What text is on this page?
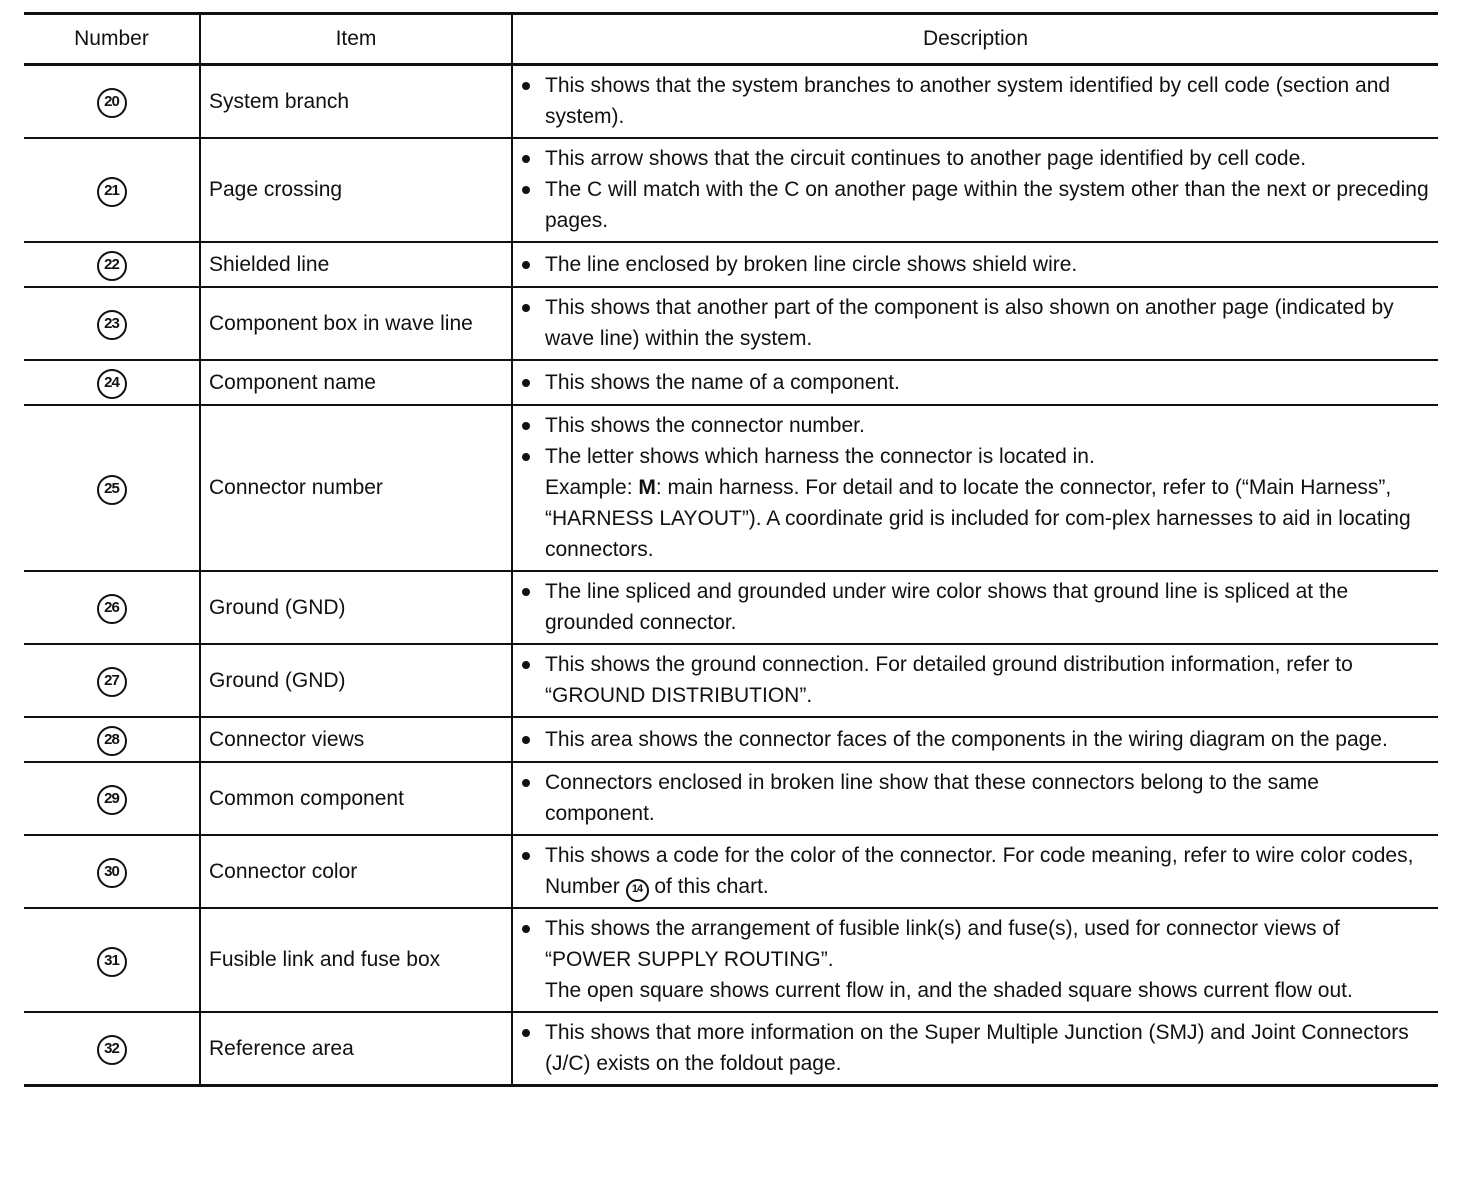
Number	Item	Description
20	System branch	This shows that the system branches to another system identified by cell code (section and system).

21	Page crossing	This arrow shows that the circuit continues to another page identified by cell code.
The C will match with the C on another page within the system other than the next or preceding pages.

22	Shielded line	The line enclosed by broken line circle shows shield wire.

23	Component box in wave line	This shows that another part of the component is also shown on another page (indicated by wave line) within the system.

24	Component name	This shows the name of a component.

25	Connector number	This shows the connector number.
The letter shows which harness the connector is located in.
Example: M: main harness. For detail and to locate the connector, refer to (“Main Harness”, “HARNESS LAYOUT”). A coordinate grid is included for com-plex harnesses to aid in locating connectors.

26	Ground (GND)	The line spliced and grounded under wire color shows that ground line is spliced at the grounded connector.

27	Ground (GND)	This shows the ground connection. For detailed ground distribution information, refer to “GROUND DISTRIBUTION”.

28	Connector views	This area shows the connector faces of the components in the wiring diagram on the page.

29	Common component	Connectors enclosed in broken line show that these connectors belong to the same component.

30	Connector color	This shows a code for the color of the connector. For code meaning, refer to wire color codes, Number 14 of this chart.

31	Fusible link and fuse box	This shows the arrangement of fusible link(s) and fuse(s), used for connector views of “POWER SUPPLY ROUTING”.
The open square shows current flow in, and the shaded square shows current flow out.

32	Reference area	This shows that more information on the Super Multiple Junction (SMJ) and Joint Connectors (J/C) exists on the foldout page.
